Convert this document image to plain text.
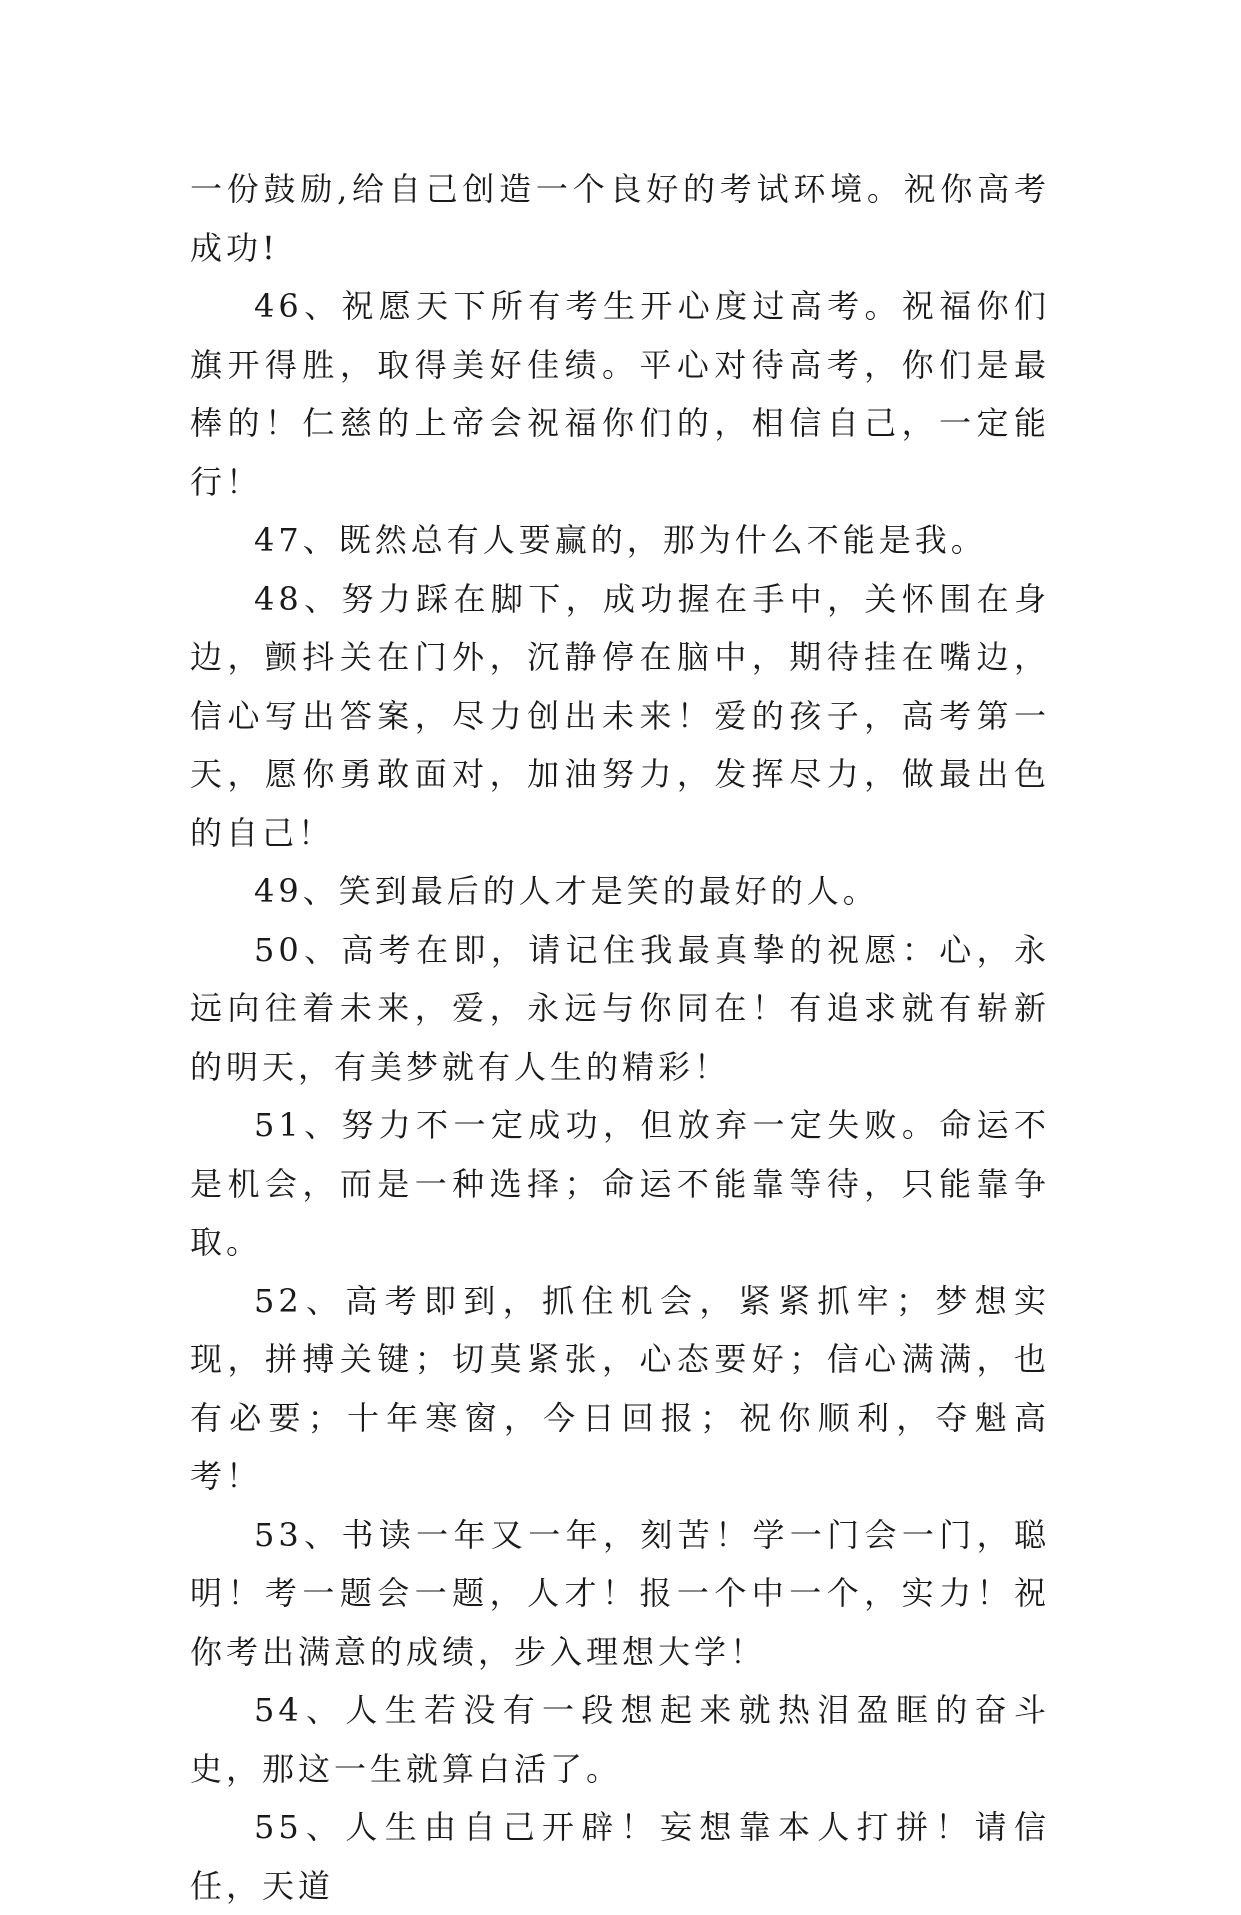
一份鼓励,给自己创造一个良好的考试环境。祝你高考成功!

46、祝愿天下所有考生开心度过高考。祝福你们旗开得胜，取得美好佳绩。平心对待高考，你们是最棒的！仁慈的上帝会祝福你们的，相信自己，一定能行！

47、既然总有人要赢的，那为什么不能是我。

48、努力踩在脚下，成功握在手中，关怀围在身边，颤抖关在门外，沉静停在脑中，期待挂在嘴边，信心写出答案，尽力创出未来！爱的孩子，高考第一天，愿你勇敢面对，加油努力，发挥尽力，做最出色的自己！

49、笑到最后的人才是笑的最好的人。

50、高考在即，请记住我最真挚的祝愿：心，永远向往着未来，爱，永远与你同在！有追求就有崭新的明天，有美梦就有人生的精彩！

51、努力不一定成功，但放弃一定失败。命运不是机会，而是一种选择；命运不能靠等待，只能靠争取。

52、高考即到，抓住机会，紧紧抓牢；梦想实现，拼搏关键；切莫紧张，心态要好；信心满满，也有必要；十年寒窗，今日回报；祝你顺利，夺魁高考！

53、书读一年又一年，刻苦！学一门会一门，聪明！考一题会一题，人才！报一个中一个，实力！祝你考出满意的成绩，步入理想大学！

54、人生若没有一段想起来就热泪盈眶的奋斗史，那这一生就算白活了。

55、人生由自己开辟！妄想靠本人打拼！请信任，天道
